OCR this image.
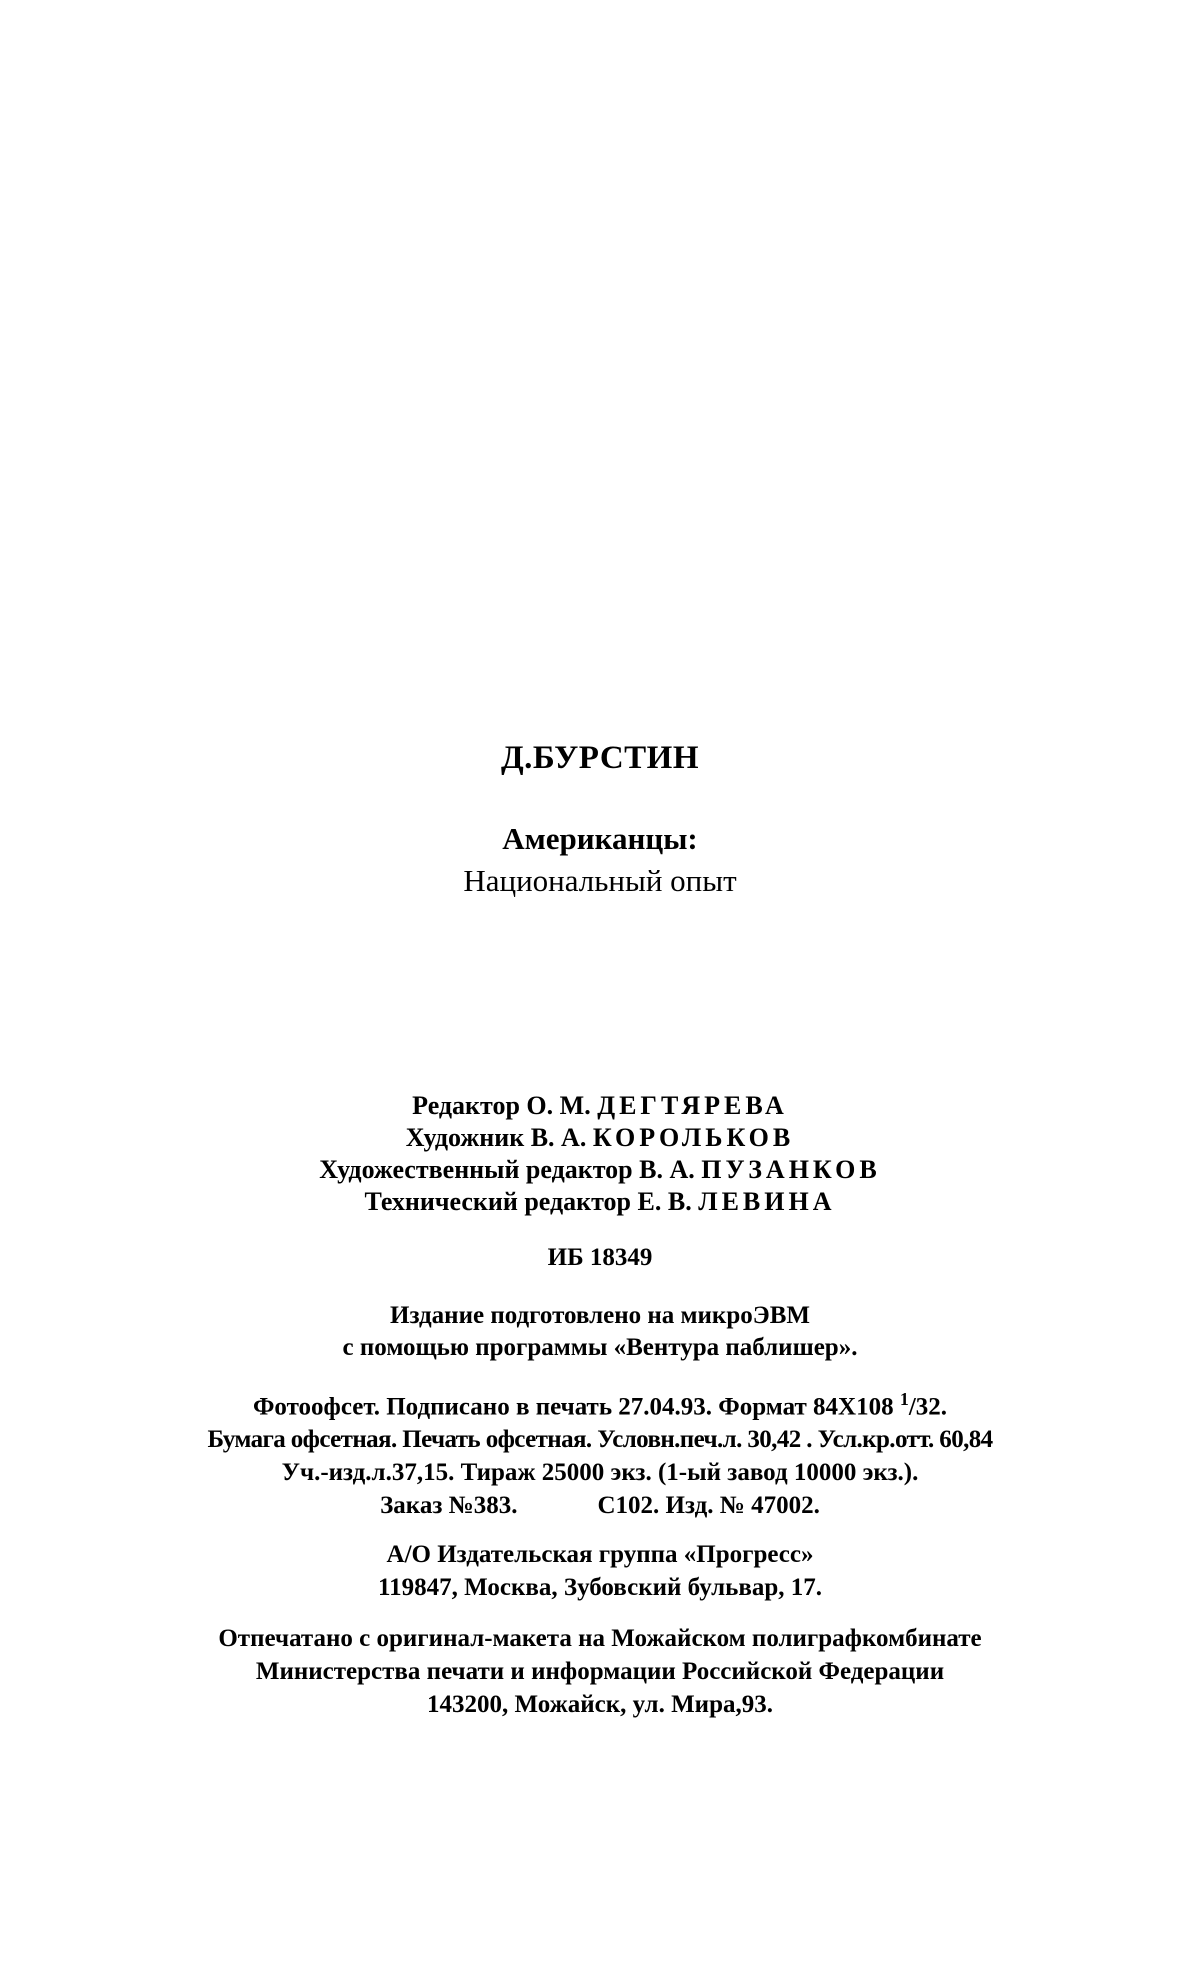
Д.БУРСТИН
Американцы:
Национальный опыт
Редактор О. М. ДЕГТЯРЕВА
Художник В. А. КОРОЛЬКОВ
Художественный редактор В. А. ПУЗАНКОВ
Технический редактор Е. В. ЛЕВИНА
ИБ 18349
Издание подготовлено на микроЭВМ
с помощью программы «Вентура паблишер».
Фотоофсет. Подписано в печать 27.04.93. Формат 84Х108 $^1$/32.
Бумага офсетная. Печать офсетная. Условн.печ.л. 30,42 . Усл.кр.отт. 60,84
Уч.-изд.л.37,15. Тираж 25000 экз. (1-ый завод 10000 экз.).
Заказ №383.	С102. Изд. № 47002.
А/О Издательская группа «Прогресс»
119847, Москва, Зубовский бульвар, 17.
Отпечатано с оригинал-макета на Можайском полиграфкомбинате
Министерства печати и информации Российской Федерации
143200, Можайск, ул. Мира,93.
